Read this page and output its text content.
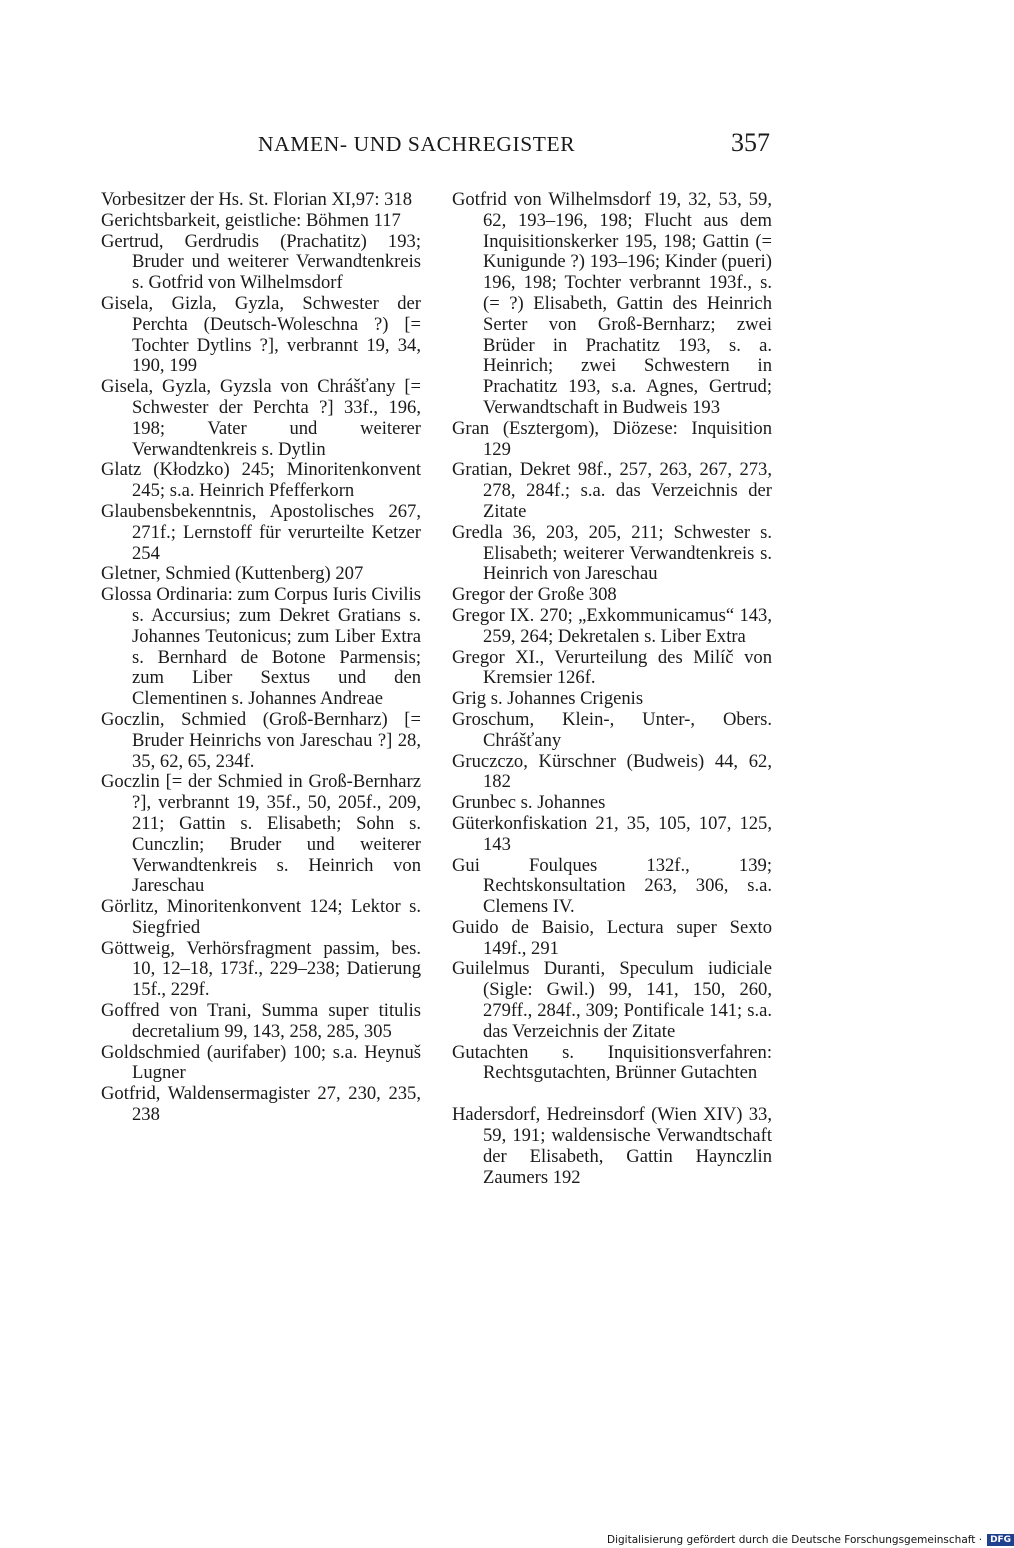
NAMEN- UND SACHREGISTER	357

Vorbesitzer der Hs. St. Florian XI,97: 318

Gerichtsbarkeit, geistliche: Böhmen 117

Gertrud, Gerdrudis (Prachatitz) 193; Bruder und weiterer Verwandtenkreis s. Gotfrid von Wilhelmsdorf

Gisela, Gizla, Gyzla, Schwester der Perchta (Deutsch-Woleschna ?) [= Tochter Dytlins ?], verbrannt 19, 34, 190, 199

Gisela, Gyzla, Gyzsla von Chrášťany [= Schwester der Perchta ?] 33f., 196, 198; Vater und weiterer Verwandtenkreis s. Dytlin

Glatz (Kłodzko) 245; Minoritenkonvent 245; s.a. Heinrich Pfefferkorn

Glaubensbekenntnis, Apostolisches 267, 271f.; Lernstoff für verurteilte Ketzer 254

Gletner, Schmied (Kuttenberg) 207

Glossa Ordinaria: zum Corpus Iuris Civilis s. Accursius; zum Dekret Gratians s. Johannes Teutonicus; zum Liber Extra s. Bernhard de Botone Parmensis; zum Liber Sextus und den Clementinen s. Johannes Andreae

Goczlin, Schmied (Groß-Bernharz) [= Bruder Heinrichs von Jareschau ?] 28, 35, 62, 65, 234f.

Goczlin [= der Schmied in Groß-Bernharz ?], verbrannt 19, 35f., 50, 205f., 209, 211; Gattin s. Elisabeth; Sohn s. Cunczlin; Bruder und weiterer Verwandtenkreis s. Heinrich von Jareschau

Görlitz, Minoritenkonvent 124; Lektor s. Siegfried

Göttweig, Verhörsfragment passim, bes. 10, 12–18, 173f., 229–238; Datierung 15f., 229f.

Goffred von Trani, Summa super titulis decretalium 99, 143, 258, 285, 305

Goldschmied (aurifaber) 100; s.a. Heynuš Lugner

Gotfrid, Waldensermagister 27, 230, 235, 238

Gotfrid von Wilhelmsdorf 19, 32, 53, 59, 62, 193–196, 198; Flucht aus dem Inquisitionskerker 195, 198; Gattin (= Kunigunde ?) 193–196; Kinder (pueri) 196, 198; Tochter verbrannt 193f., s. (= ?) Elisabeth, Gattin des Heinrich Serter von Groß-Bernharz; zwei Brüder in Prachatitz 193, s. a. Heinrich; zwei Schwestern in Prachatitz 193, s.a. Agnes, Gertrud; Verwandtschaft in Budweis 193

Gran (Esztergom), Diözese: Inquisition 129

Gratian, Dekret 98f., 257, 263, 267, 273, 278, 284f.; s.a. das Verzeichnis der Zitate

Gredla 36, 203, 205, 211; Schwester s. Elisabeth; weiterer Verwandtenkreis s. Heinrich von Jareschau

Gregor der Große 308

Gregor IX. 270; „Exkommunicamus“ 143, 259, 264; Dekretalen s. Liber Extra

Gregor XI., Verurteilung des Milíč von Kremsier 126f.

Grig s. Johannes Crigenis

Groschum, Klein-, Unter-, Obers. Chrášťany

Gruczczo, Kürschner (Budweis) 44, 62, 182

Grunbec s. Johannes

Güterkonfiskation 21, 35, 105, 107, 125, 143

Gui Foulques 132f., 139; Rechtskonsultation 263, 306, s.a. Clemens IV.

Guido de Baisio, Lectura super Sexto 149f., 291

Guilelmus Duranti, Speculum iudiciale (Sigle: Gwil.) 99, 141, 150, 260, 279ff., 284f., 309; Pontificale 141; s.a. das Verzeichnis der Zitate

Gutachten s. Inquisitionsverfahren: Rechtsgutachten, Brünner Gutachten

Hadersdorf, Hedreinsdorf (Wien XIV) 33, 59, 191; waldensische Verwandtschaft der Elisabeth, Gattin Haynczlin Zaumers 192

Digitalisierung gefördert durch die Deutsche Forschungsgemeinschaft · DFG
